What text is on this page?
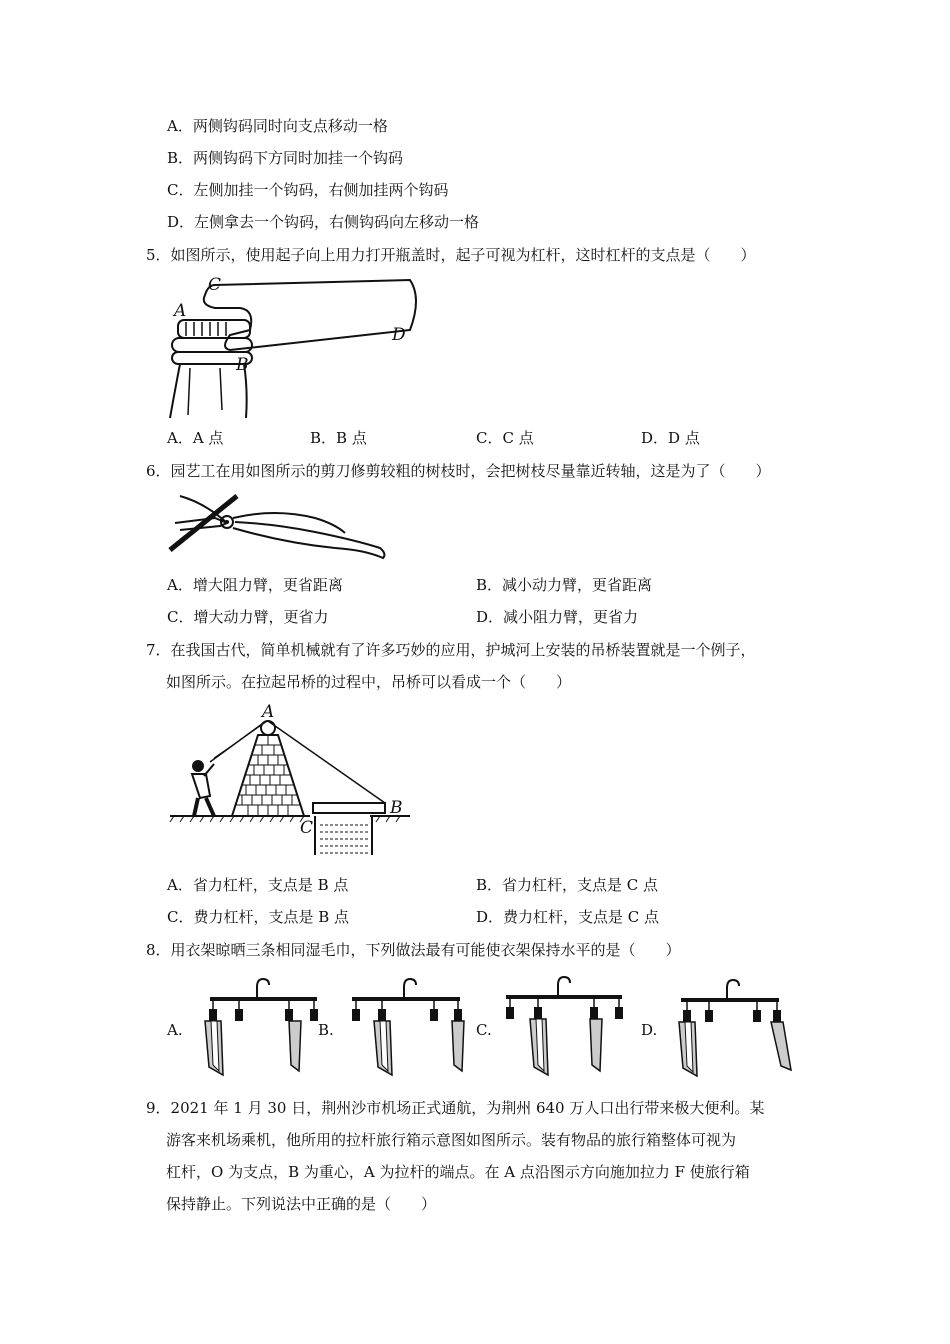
A．两侧钩码同时向支点移动一格
B．两侧钩码下方同时加挂一个钩码
C．左侧加挂一个钩码，右侧加挂两个钩码
D．左侧拿去一个钩码，右侧钩码向左移动一格
5．如图所示，使用起子向上用力打开瓶盖时，起子可视为杠杆，这时杠杆的支点是（　　）
A
B
C
D
A．A 点	B．B 点	C．C 点	D．D 点
6．园艺工在用如图所示的剪刀修剪较粗的树枝时，会把树枝尽量靠近转轴，这是为了（　　）
A．增大阻力臂，更省距离	B．减小动力臂，更省距离
C．增大动力臂，更省力	D．减小阻力臂，更省力
7．在我国古代，简单机械就有了许多巧妙的应用，护城河上安装的吊桥装置就是一个例子，
如图所示。在拉起吊桥的过程中，吊桥可以看成一个（　　）
A
B
C
A．省力杠杆，支点是 B 点	B．省力杠杆，支点是 C 点
C．费力杠杆，支点是 B 点	D．费力杠杆，支点是 C 点
8．用衣架晾晒三条相同湿毛巾，下列做法最有可能使衣架保持水平的是（　　）
A.	B.	C.	D.
9．2021 年 1 月 30 日，荆州沙市机场正式通航，为荆州 640 万人口出行带来极大便利。某
游客来机场乘机，他所用的拉杆旅行箱示意图如图所示。装有物品的旅行箱整体可视为
杠杆，O 为支点，B 为重心，A 为拉杆的端点。在 A 点沿图示方向施加拉力 F 使旅行箱
保持静止。下列说法中正确的是（　　）
